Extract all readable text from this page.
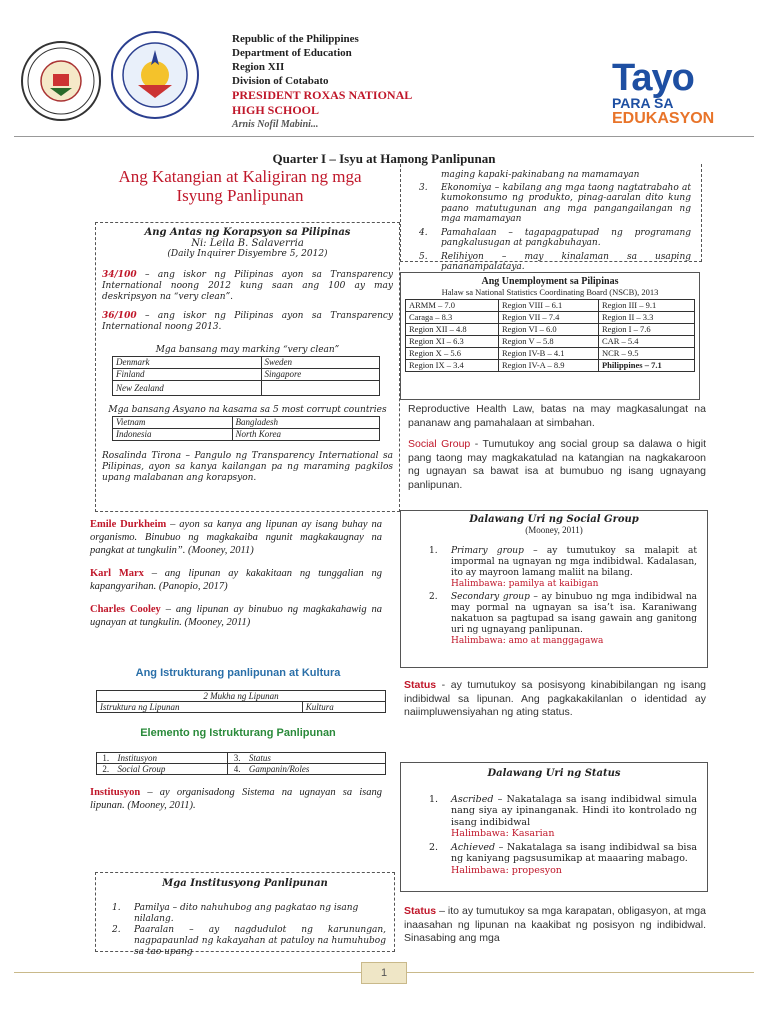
Republic of the Philippines
Department of Education
Region XII
Division of Cotabato
PRESIDENT ROXAS NATIONAL HIGH SCHOOL
Arnis Nofil Mabini...
Tayo
PARA SA
EDUKASYON
Quarter I – Isyu at Hamong Panlipunan
Ang Katangian at Kaligiran ng mga Isyung Panlipunan
Ang Antas ng Korapsyon sa Pilipinas
Ni: Leila B. Salaverria
(Daily Inquirer Disyembre 5, 2012)
34/100 – ang iskor ng Pilipinas ayon sa Transparency International noong 2012 kung saan ang 100 ay may deskripsyon na “very clean”.
36/100 – ang iskor ng Pilipinas ayon sa Transparency International noong 2013.
Mga bansang may marking “very clean”
Denmark	Sweden
Finland	Singapore
New Zealand	
Mga bansang Asyano na kasama sa 5 most corrupt countries
Vietnam	Bangladesh
Indonesia	North Korea
Rosalinda Tirona – Pangulo ng Transparency International sa Pilipinas, ayon sa kanya kailangan pa ng maraming pagkilos upang malabanan ang korapsyon.
Emile Durkheim – ayon sa kanya ang lipunan ay isang buhay na organismo. Binubuo ng magkakaiba ngunit magkakaugnay na pangkat at tungkulin”. (Mooney, 2011)
Karl Marx – ang lipunan ay kakakitaan ng tunggalian ng kapangyarihan. (Panopio, 2017)
Charles Cooley – ang lipunan ay binubuo ng magkakahawig na ugnayan at tungkulin. (Mooney, 2011)
Ang Istrukturang panlipunan at Kultura
2 Mukha ng Lipunan
Istruktura ng Lipunan	Kultura
Elemento ng Istrukturang Panlipunan
1.	Institusyon	3.	Status
2.	Social Group	4.	Gampanin/Roles
Institusyon – ay organisadong Sistema na ugnayan sa isang lipunan. (Mooney, 2011).
Mga Institusyong Panlipunan
1.	Pamilya – dito nahuhubog ang pagkatao ng isang nilalang.
2.	Paaralan – ay nagdudulot ng karunungan, nagpapaunlad ng kakayahan at patuloy na humuhubog sa tao upang
maging kapaki-pakinabang na mamamayan
3.	Ekonomiya – kabilang ang mga taong nagtatrabaho at kumokonsumo ng produkto, pinag-aaralan dito kung paano matutugunan ang mga pangangailangan ng mga mamamayan
4.	Pamahalaan – tagapagpatupad ng programang pangkalusugan at pangkabuhayan.
5.	Relihiyon – may kinalaman sa usaping pananampalataya.
Ang Unemployment sa Pilipinas
Halaw sa National Statistics Coordinating Board (NSCB), 2013
ARMM – 7.0	Region VIII – 6.1	Region III – 9.1
Caraga – 8.3	Region VII – 7.4	Region II – 3.3
Region XII – 4.8	Region VI – 6.0	Region I – 7.6
Region XI – 6.3	Region V – 5.8	CAR – 5.4
Region X – 5.6	Region IV-B – 4.1	NCR – 9.5
Region IX – 3.4	Region IV-A – 8.9	Philippines – 7.1
Reproductive Health Law, batas na may magkasalungat na pananaw ang pamahalaan at simbahan.
Social Group - Tumutukoy ang social group sa dalawa o higit pang taong may magkakatulad na katangian na nagkakaroon ng ugnayan sa bawat isa at bumubuo ng isang ugnayang panlipunan.
Dalawang Uri ng Social Group
(Mooney, 2011)
1.	Primary group – ay tumutukoy sa malapit at impormal na ugnayan ng mga indibidwal. Kadalasan, ito ay mayroon lamang maliit na bilang.
Halimbawa: pamilya at kaibigan
2.	Secondary group – ay binubuo ng mga indibidwal na may pormal na ugnayan sa isa’t isa. Karaniwang nakatuon sa pagtupad sa isang gawain ang ganitong uri ng ugnayang panlipunan.
Halimbawa: amo at manggagawa
Status - ay tumutukoy sa posisyong kinabibilangan ng isang indibidwal sa lipunan. Ang pagkakakilanlan o identidad ay naiimpluwensiyahan ng ating status.
Dalawang Uri ng Status
1.	Ascribed – Nakatalaga sa isang indibidwal simula nang siya ay ipinanganak. Hindi ito kontrolado ng isang indibidwal
Halimbawa: Kasarian
2.	Achieved – Nakatalaga sa isang indibidwal sa bisa ng kaniyang pagsusumikap at maaaring mabago.
Halimbawa: propesyon
Status – ito ay tumutukoy sa mga karapatan, obligasyon, at mga inaasahan ng lipunan na kaakibat ng posisyon ng indibidwal. Sinasabing ang mga
1
